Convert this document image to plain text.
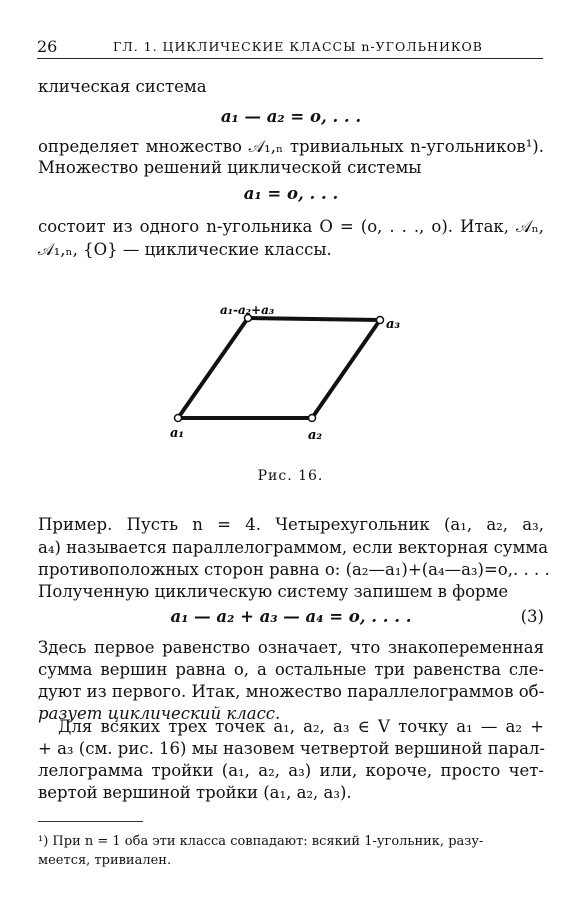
26	ГЛ. 1. ЦИКЛИЧЕСКИЕ КЛАССЫ n-УГОЛЬНИКОВ
клическая система
a₁ — a₂ = o, . . .
определяет множество 𝒜₁,ₙ тривиальных n-угольников¹).
Множество решений циклической системы
a₁ = o, . . .
состоит из одного n-угольника O = (o, . . ., o). Итак, 𝒜ₙ,
𝒜₁,ₙ, {O} — циклические классы.
a₁	a₂
a₃
a₁-a₂+a₃
Рис. 16.
Пример. Пусть n = 4. Четырехугольник (a₁, a₂, a₃,
a₄) называется параллелограммом, если векторная сумма
противоположных сторон равна o: (a₂—a₁)+(a₄—a₃)=o,. . . .
Полученную циклическую систему запишем в форме
a₁ — a₂ + a₃ — a₄ = o, . . . .	(3)
Здесь первое равенство означает, что знакопеременная
сумма вершин равна o, а остальные три равенства сле-
дуют из первого. Итак, множество параллелограммов об-
разует циклический класс.
Для всяких трех точек a₁, a₂, a₃ ∈ V точку a₁ — a₂ +
+ a₃ (см. рис. 16) мы назовем четвертой вершиной парал-
лелограмма тройки (a₁, a₂, a₃) или, короче, просто чет-
вертой вершиной тройки (a₁, a₂, a₃).
¹) При n = 1 оба эти класса совпадают: всякий 1-угольник, разу-
меется, тривиален.
